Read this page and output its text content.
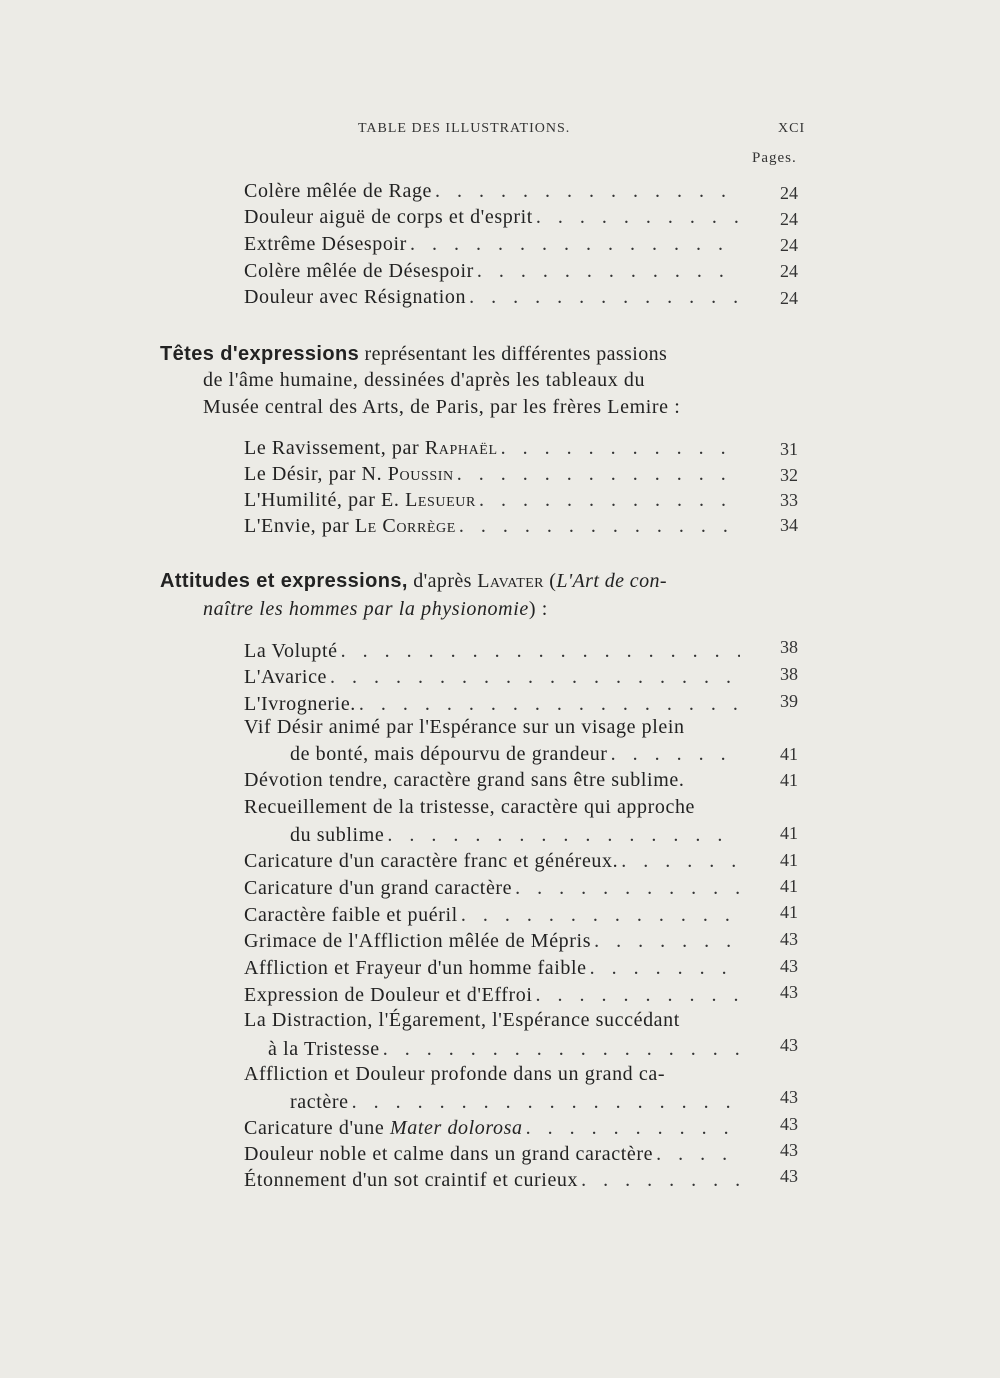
TABLE DES ILLUSTRATIONS.	XCI
Pages.
Colère mêlée de Rage . . .	24
Douleur aiguë de corps et d'esprit . . .	24
Extrême Désespoir . . .	24
Colère mêlée de Désespoir . . .	24
Douleur avec Résignation . . .	24
Têtes d'expressions représentant les différentes passions
de l'âme humaine, dessinées d'après les tableaux du
Musée central des Arts, de Paris, par les frères Lemire :
Le Ravissement, par Raphaël . . .	31
Le Désir, par N. Poussin . . .	32
L'Humilité, par E. Lesueur . . .	33
L'Envie, par Le Corrège . . .	34
Attitudes et expressions, d'après Lavater (L'Art de con-
naître les hommes par la physionomie) :
La Volupté . . .	38
L'Avarice . . .	38
L'Ivrognerie. . . .	39
Vif Désir animé par l'Espérance sur un visage plein
de bonté, mais dépourvu de grandeur . . .	41
Dévotion tendre, caractère grand sans être sublime.	41
Recueillement de la tristesse, caractère qui approche
du sublime . . .	41
Caricature d'un caractère franc et généreux. . . .	41
Caricature d'un grand caractère . . .	41
Caractère faible et puéril . . .	41
Grimace de l'Affliction mêlée de Mépris . . .	43
Affliction et Frayeur d'un homme faible . . .	43
Expression de Douleur et d'Effroi . . .	43
La Distraction, l'Égarement, l'Espérance succédant
à la Tristesse . . .	43
Affliction et Douleur profonde dans un grand ca-
ractère . . .	43
Caricature d'une Mater dolorosa . . .	43
Douleur noble et calme dans un grand caractère . . .	43
Étonnement d'un sot craintif et curieux . . .	43
